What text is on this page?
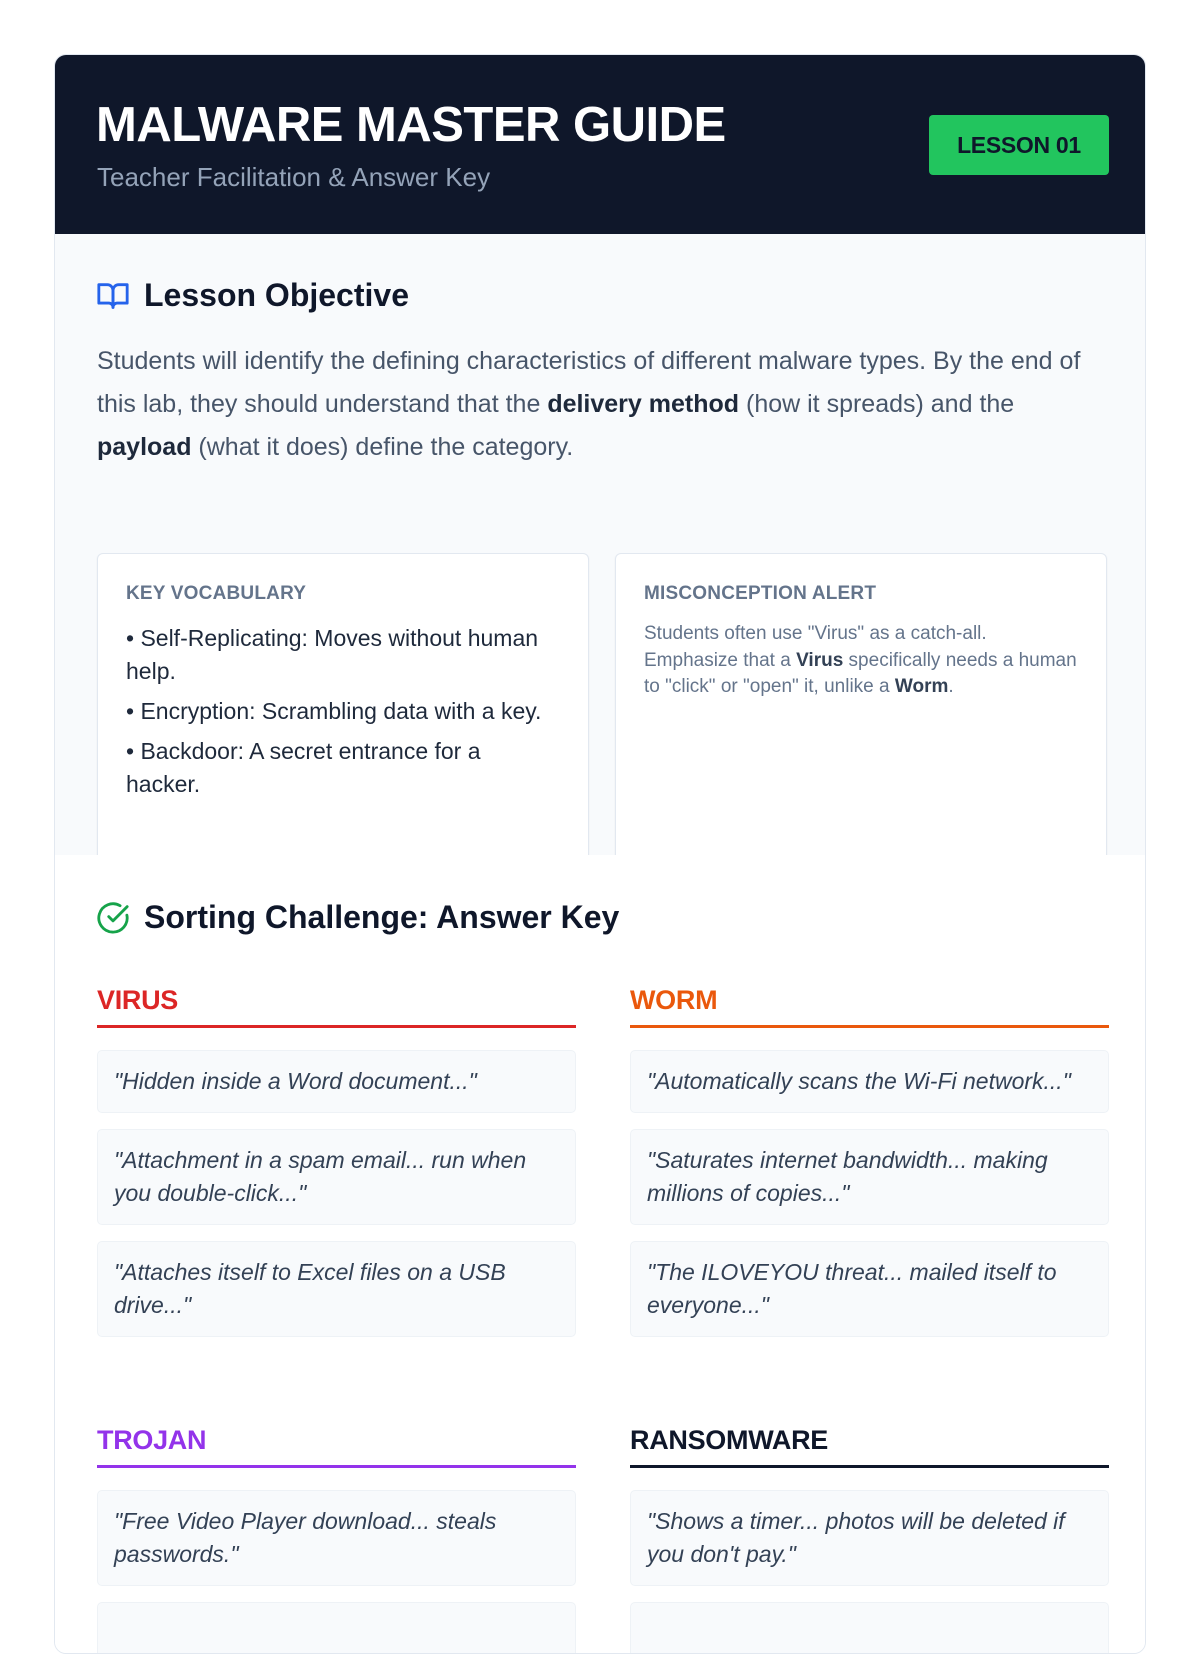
MALWARE MASTER GUIDE
Teacher Facilitation & Answer Key
LESSON 01
Lesson Objective

Students will identify the defining characteristics of different malware types. By the end of this lab, they should understand that the delivery method (how it spreads) and the payload (what it does) define the category.

KEY VOCABULARY
• Self-Replicating: Moves without human help.
• Encryption: Scrambling data with a key.
• Backdoor: A secret entrance for a hacker.
MISCONCEPTION ALERT

Students often use "Virus" as a catch-all. Emphasize that a Virus specifically needs a human to "click" or "open" it, unlike a Worm.

Sorting Challenge: Answer Key
VIRUS
"Hidden inside a Word document..."
"Attachment in a spam email... run when you double-click..."
"Attaches itself to Excel files on a USB drive..."
WORM
"Automatically scans the Wi-Fi network..."
"Saturates internet bandwidth... making millions of copies..."
"The ILOVEYOU threat... mailed itself to everyone..."
TROJAN
"Free Video Player download... steals passwords."
RANSOMWARE
"Shows a timer... photos will be deleted if you don't pay."
